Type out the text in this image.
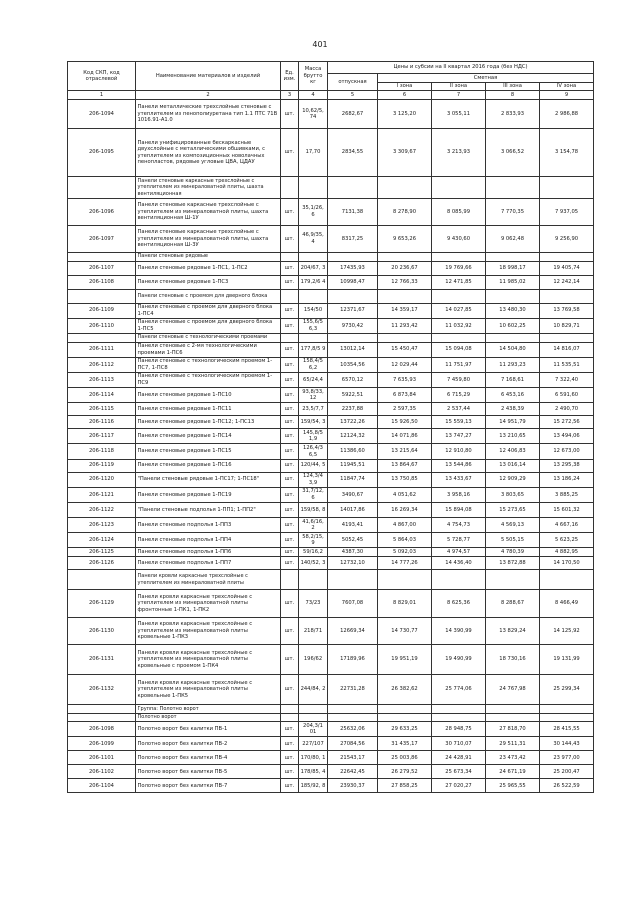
401
Код СКП, код отраслевой	Наименование материалов и изделий	Ед. изм.	Масса брутто кг	Цены и субсии на II квартал 2016 года (без НДС)				
				отпускная	Сметная			
					I зона	II зона	III зона	IV зона
1	2	3	4	5	6	7	8	9
206-1094	Панели металлические трехслойные стеновые с утеплителем из пенополиуретана тип 1.1 ПТС 71В 1016.91-А1.0	шт.	10,62/5, 74	2682,67	3 125,20	3 055,11	2 833,93	2 986,88
206-1095	Панели унифицированные бескаркасные двухслойные с металлическими обшивками, с утеплителем из композиционных новолачных пенопластов, рядовые угловые ЦВА, ЦДАУ	шт.	17,70	2834,55	3 309,67	3 213,93	3 066,52	3 154,78
	Панели стеновые каркасные трехслойные с утеплителем из минераловатной плиты, шахта вентиляционная							
206-1096	Панели стеновые каркасные трехслойные с утеплителем из минераловатной плиты, шахта вентиляционная Ш-1У	шт.	35,1/26, 6	7131,38	8 278,90	8 085,99	7 770,35	7 937,05
206-1097	Панели стеновые каркасные трехслойные с утеплителем из минераловатной плиты, шахта вентиляционная Ш-3У	шт.	46,9/35, 4	8317,25	9 653,26	9 430,60	9 062,48	9 256,90
	Панели стеновые рядовые							
206-1107	Панели стеновые рядовые 1-ПС1, 1-ПС2	шт.	204/67, 3	17435,93	20 236,67	19 769,66	18 998,17	19 405,74
206-1108	Панели стеновые рядовые 1-ПС3	шт.	179,2/6 4	10998,47	12 766,33	12 471,85	11 985,02	12 242,14
	Панели стеновые с проемом для дверного блока							
206-1109	Панели стеновые с проемом для дверного блока 1-ПС4	шт.	154/50	12371,67	14 359,17	14 027,85	13 480,30	13 769,58
206-1110	Панели стеновые с проемом для дверного блока 1-ПС5	шт.	155,6/5 6,3	9730,42	11 293,42	11 032,92	10 602,25	10 829,71
	Панели стеновые с технологическими проемами							
206-1111	Панели стеновые с 2-мя технологическими проемами 1-ПС6	шт.	177,8/5 9	13012,14	15 450,47	15 094,08	14 504,80	14 816,07
206-1112	Панели стеновые с технологическим проемом 1-ПС7, 1-ПС8	шт.	158,4/5 6,2	10354,56	12 029,44	11 751,97	11 293,23	11 535,51
206-1113	Панели стеновые с технологическим проемом 1-ПС9	шт.	65/24,4	6570,12	7 635,93	7 459,80	7 168,61	7 322,40
206-1114	Панели стеновые рядовые 1-ПС10	шт.	93,8/33, 12	5922,51	6 873,84	6 715,29	6 453,16	6 591,60
206-1115	Панели стеновые рядовые 1-ПС11	шт.	23,5/7,7	2237,88	2 597,35	2 537,44	2 438,39	2 490,70
206-1116	Панели стеновые рядовые 1-ПС12; 1-ПС13	шт.	159/54, 3	13722,26	15 926,50	15 559,13	14 951,79	15 272,56
206-1117	Панели стеновые рядовые 1-ПС14	шт.	145,8/5 1,9	12124,32	14 071,86	13 747,27	13 210,65	13 494,06
206-1118	Панели стеновые рядовые 1-ПС15	шт.	126,4/3 6,5	11386,60	13 215,64	12 910,80	12 406,83	12 673,00
206-1119	Панели стеновые рядовые 1-ПС16	шт.	120/44, 5	11945,51	13 864,67	13 544,86	13 016,14	13 295,38
206-1120	"Панели стеновые рядовые 1-ПС17; 1-ПС18"	шт.	124,3/4 3,9	11847,74	13 750,85	13 433,67	12 909,29	13 186,24
206-1121	Панели стеновые рядовые 1-ПС19	шт.	31,7/12, 6	3490,67	4 051,62	3 958,16	3 803,65	3 885,25
206-1122	"Панели стеновые подполья 1-ПП1; 1-ПП2"	шт.	159/58, 8	14017,86	16 269,34	15 894,08	15 273,65	15 601,32
206-1123	Панели стеновые подполья 1-ПП3	шт.	41,6/16, 2	4193,41	4 867,00	4 754,73	4 569,13	4 667,16
206-1124	Панели стеновые подполья 1-ПП4	шт.	58,2/15, 9	5052,45	5 864,03	5 728,77	5 505,15	5 623,25
206-1125	Панели стеновые подполья 1-ПП6	шт.	59/16,2	4387,30	5 092,03	4 974,57	4 780,39	4 882,95
206-1126	Панели стеновые подполья 1-ПП7	шт.	140/52, 3	12732,10	14 777,26	14 436,40	13 872,88	14 170,50
	Панели кровли каркасные трехслойные с утеплителем из минераловатной плиты							
206-1129	Панели кровли каркасные трехслойные с утеплителем из минераловатной плиты фронтонные 1-ПК1, 1-ПК2	шт.	73/23	7607,08	8 829,01	8 625,36	8 288,67	8 466,49
206-1130	Панели кровли каркасные трехслойные с утеплителем из минераловатной плиты кровельные 1-ПК3	шт.	218/71	12669,34	14 730,77	14 390,99	13 829,24	14 125,92
206-1131	Панели кровли каркасные трехслойные с утеплителем из минераловатной плиты кровельные с проемом 1-ПК4	шт.	196/62	17189,96	19 951,19	19 490,99	18 730,16	19 131,99
206-1132	Панели кровли каркасные трехслойные с утеплителем из минераловатной плиты кровельные 1-ПК5	шт.	244/84, 2	22731,28	26 382,62	25 774,06	24 767,98	25 299,34
	Группа: Полотно ворот							
	Полотно ворот							
206-1098	Полотно ворот без калитки ПВ-1	шт.	204,3/1 01	25632,06	29 633,25	28 948,75	27 818,70	28 415,55
206-1099	Полотно ворот без калитки ПВ-2	шт.	227/107	27084,56	31 435,17	30 710,07	29 511,31	30 144,43
206-1101	Полотно ворот без калитки ПВ-4	шт.	170/80, 1	21543,17	25 003,86	24 428,91	23 473,42	23 977,00
206-1102	Полотно ворот без калитки ПВ-5	шт.	178/85, 4	22642,45	26 279,52	25 673,34	24 671,19	25 200,47
206-1104	Полотно ворот без калитки ПВ-7	шт.	185/92, 8	23930,37	27 858,25	27 020,27	25 965,55	26 522,59
